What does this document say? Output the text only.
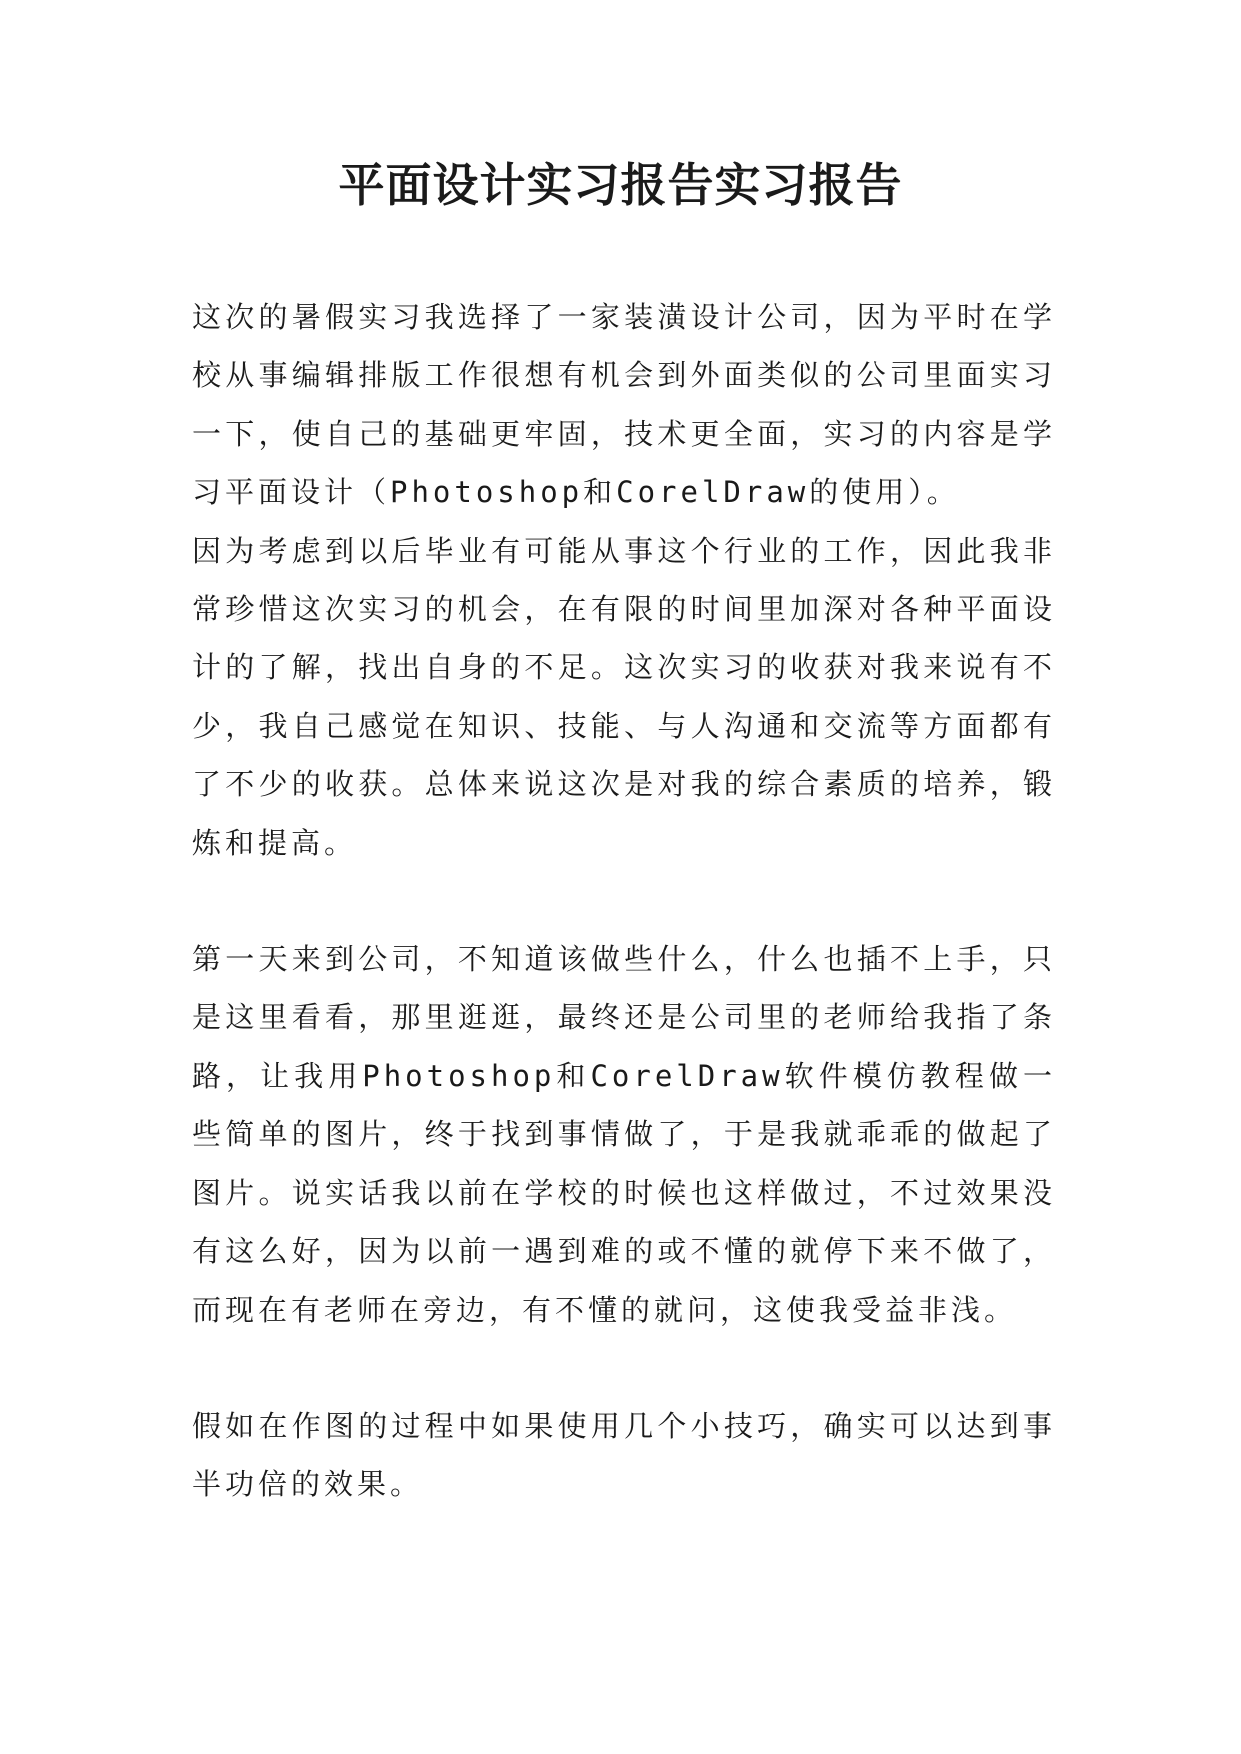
平面设计实习报告实习报告

这次的暑假实习我选择了一家装潢设计公司，因为平时在学校从事编辑排版工作很想有机会到外面类似的公司里面实习一下，使自己的基础更牢固，技术更全面，实习的内容是学习平面设计（Photoshop和CorelDraw的使用）。

因为考虑到以后毕业有可能从事这个行业的工作，因此我非常珍惜这次实习的机会，在有限的时间里加深对各种平面设计的了解，找出自身的不足。这次实习的收获对我来说有不少，我自己感觉在知识、技能、与人沟通和交流等方面都有了不少的收获。总体来说这次是对我的综合素质的培养，锻炼和提高。

第一天来到公司，不知道该做些什么，什么也插不上手，只是这里看看，那里逛逛，最终还是公司里的老师给我指了条路，让我用Photoshop和CorelDraw软件模仿教程做一些简单的图片，终于找到事情做了，于是我就乖乖的做起了图片。说实话我以前在学校的时候也这样做过，不过效果没有这么好，因为以前一遇到难的或不懂的就停下来不做了，而现在有老师在旁边，有不懂的就问，这使我受益非浅。

假如在作图的过程中如果使用几个小技巧，确实可以达到事半功倍的效果。
